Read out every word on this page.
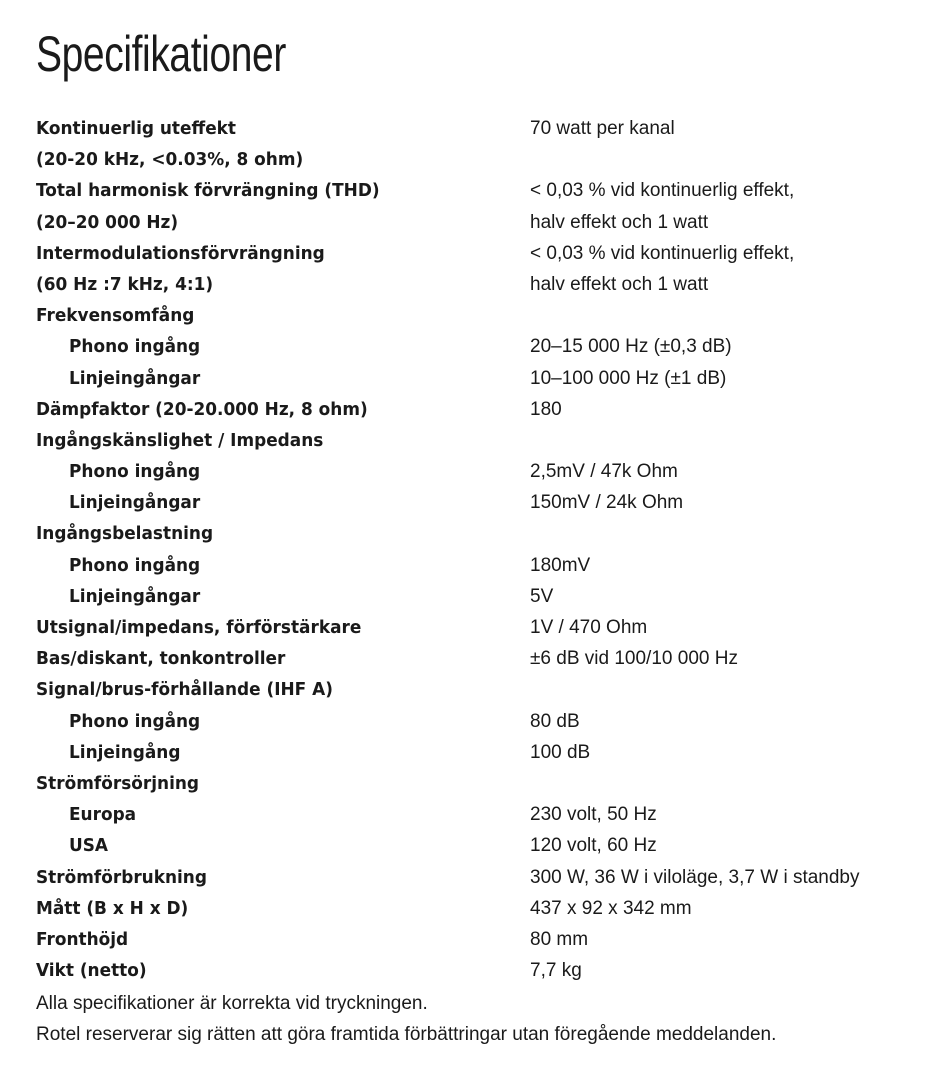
Specifikationer
Kontinuerlig uteffekt	70 watt per kanal
(20-20 kHz, <0.03%, 8 ohm)
Total harmonisk förvrängning (THD)	< 0,03 % vid kontinuerlig effekt,
(20–20 000 Hz)	halv effekt och 1 watt
Intermodulationsförvrängning	< 0,03 % vid kontinuerlig effekt,
(60 Hz :7 kHz, 4:1)	halv effekt och 1 watt
Frekvensomfång
Phono ingång	20–15 000 Hz (±0,3 dB)
Linjeingångar	10–100 000 Hz (±1 dB)
Dämpfaktor (20-20.000 Hz, 8 ohm)	180
Ingångskänslighet / Impedans
Phono ingång	2,5mV / 47k Ohm
Linjeingångar	150mV / 24k Ohm
Ingångsbelastning
Phono ingång	180mV
Linjeingångar	5V
Utsignal/impedans, förförstärkare	1V / 470 Ohm
Bas/diskant, tonkontroller	±6 dB vid 100/10 000 Hz
Signal/brus-förhållande (IHF A)
Phono ingång	80 dB
Linjeingång	100 dB
Strömförsörjning
Europa	230 volt, 50 Hz
USA	120 volt, 60 Hz
Strömförbrukning	300 W, 36 W i viloläge, 3,7 W i standby
Mått (B x H x D)	437 x 92 x 342 mm
Fronthöjd	80 mm
Vikt (netto)	7,7 kg

Alla specifikationer är korrekta vid tryckningen.

Rotel reserverar sig rätten att göra framtida förbättringar utan föregående meddelanden.
